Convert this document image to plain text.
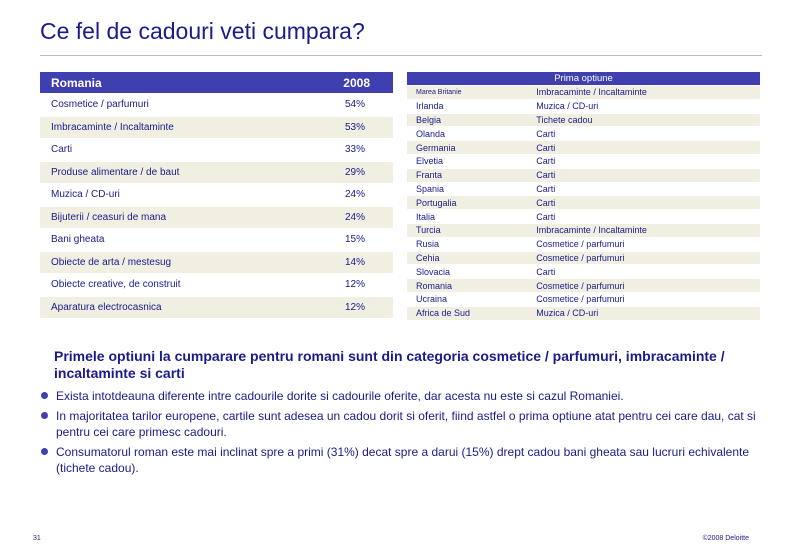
Ce fel de cadouri veti cumpara?
Romania	2008
Cosmetice / parfumuri	54%
Imbracaminte / Incaltaminte	53%
Carti	33%
Produse alimentare / de baut	29%
Muzica / CD-uri	24%
Bijuterii / ceasuri de mana	24%
Bani gheata	15%
Obiecte de arta / mestesug	14%
Obiecte creative, de construit	12%
Aparatura electrocasnica	12%
Prima optiune	
Marea Britanie	Imbracaminte / Incaltaminte
Irlanda	Muzica / CD-uri
Belgia	Tichete cadou
Olanda	Carti
Germania	Carti
Elvetia	Carti
Franta	Carti
Spania	Carti
Portugalia	Carti
Italia	Carti
Turcia	Imbracaminte / Incaltaminte
Rusia	Cosmetice / parfumuri
Cehia	Cosmetice / parfumuri
Slovacia	Carti
Romania	Cosmetice / parfumuri
Ucraina	Cosmetice / parfumuri
Africa de Sud	Muzica / CD-uri
Primele optiuni la cumparare pentru romani sunt din categoria cosmetice / parfumuri, imbracaminte / incaltaminte si carti
Exista intotdeauna diferente intre cadourile dorite si cadourile oferite, dar acesta nu este si cazul Romaniei.
In majoritatea tarilor europene, cartile sunt adesea un cadou dorit si oferit, fiind astfel o prima optiune atat pentru cei care dau, cat si pentru cei care primesc cadouri.
Consumatorul roman este mai inclinat spre a primi (31%) decat spre a darui (15%) drept cadou bani gheata sau lucruri echivalente (tichete cadou).
31	©2008 Deloitte
